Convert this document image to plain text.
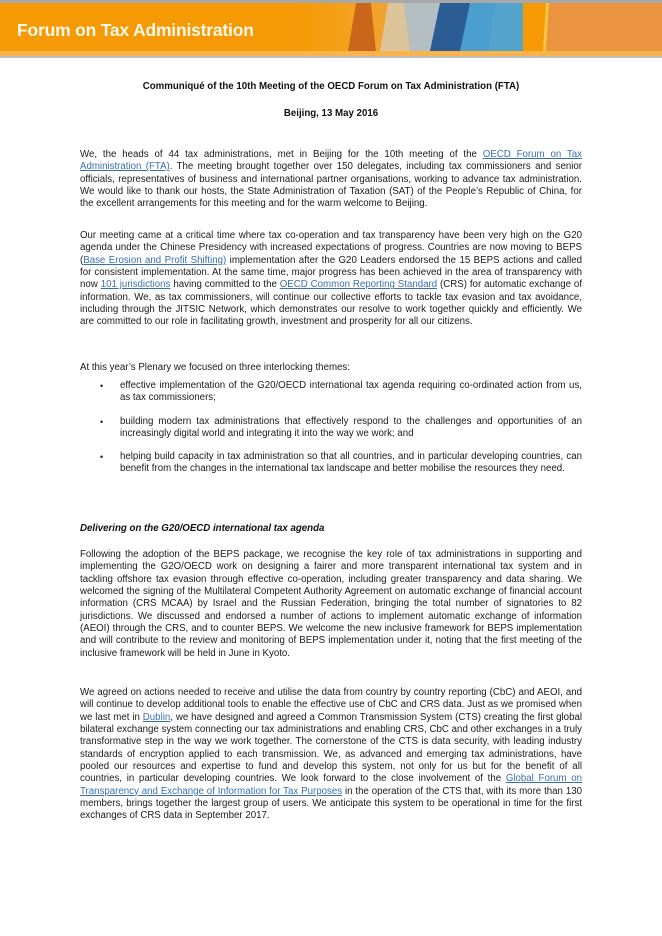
Forum on Tax Administration
Communiqué of the 10th Meeting of the OECD Forum on Tax Administration (FTA)
Beijing, 13 May 2016
We, the heads of 44 tax administrations, met in Beijing for the 10th meeting of the OECD Forum on Tax Administration (FTA). The meeting brought together over 150 delegates, including tax commissioners and senior officials, representatives of business and international partner organisations, working to advance tax administration. We would like to thank our hosts, the State Administration of Taxation (SAT) of the People’s Republic of China, for the excellent arrangements for this meeting and for the warm welcome to Beijing.
Our meeting came at a critical time where tax co-operation and tax transparency have been very high on the G20 agenda under the Chinese Presidency with increased expectations of progress. Countries are now moving to BEPS (Base Erosion and Profit Shifting) implementation after the G20 Leaders endorsed the 15 BEPS actions and called for consistent implementation. At the same time, major progress has been achieved in the area of transparency with now 101 jurisdictions having committed to the OECD Common Reporting Standard (CRS) for automatic exchange of information. We, as tax commissioners, will continue our collective efforts to tackle tax evasion and tax avoidance, including through the JITSIC Network, which demonstrates our resolve to work together quickly and efficiently. We are committed to our role in facilitating growth, investment and prosperity for all our citizens.
At this year’s Plenary we focused on three interlocking themes:
• effective implementation of the G20/OECD international tax agenda requiring co-ordinated action from us, as tax commissioners;
• building modern tax administrations that effectively respond to the challenges and opportunities of an increasingly digital world and integrating it into the way we work; and
• helping build capacity in tax administration so that all countries, and in particular developing countries, can benefit from the changes in the international tax landscape and better mobilise the resources they need.
Delivering on the G20/OECD international tax agenda
Following the adoption of the BEPS package, we recognise the key role of tax administrations in supporting and implementing the G2O/OECD work on designing a fairer and more transparent international tax system and in tackling offshore tax evasion through effective co-operation, including greater transparency and data sharing. We welcomed the signing of the Multilateral Competent Authority Agreement on automatic exchange of financial account information (CRS MCAA) by Israel and the Russian Federation, bringing the total number of signatories to 82 jurisdictions. We discussed and endorsed a number of actions to implement automatic exchange of information (AEOI) through the CRS, and to counter BEPS. We welcome the new inclusive framework for BEPS implementation and will contribute to the review and monitoring of BEPS implementation under it, noting that the first meeting of the inclusive framework will be held in June in Kyoto.
We agreed on actions needed to receive and utilise the data from country by country reporting (CbC) and AEOI, and will continue to develop additional tools to enable the effective use of CbC and CRS data. Just as we promised when we last met in Dublin, we have designed and agreed a Common Transmission System (CTS) creating the first global bilateral exchange system connecting our tax administrations and enabling CRS, CbC and other exchanges in a truly transformative step in the way we work together. The cornerstone of the CTS is data security, with leading industry standards of encryption applied to each transmission. We, as advanced and emerging tax administrations, have pooled our resources and expertise to fund and develop this system, not only for us but for the benefit of all countries, in particular developing countries. We look forward to the close involvement of the Global Forum on Transparency and Exchange of Information for Tax Purposes in the operation of the CTS that, with its more than 130 members, brings together the largest group of users. We anticipate this system to be operational in time for the first exchanges of CRS data in September 2017.
